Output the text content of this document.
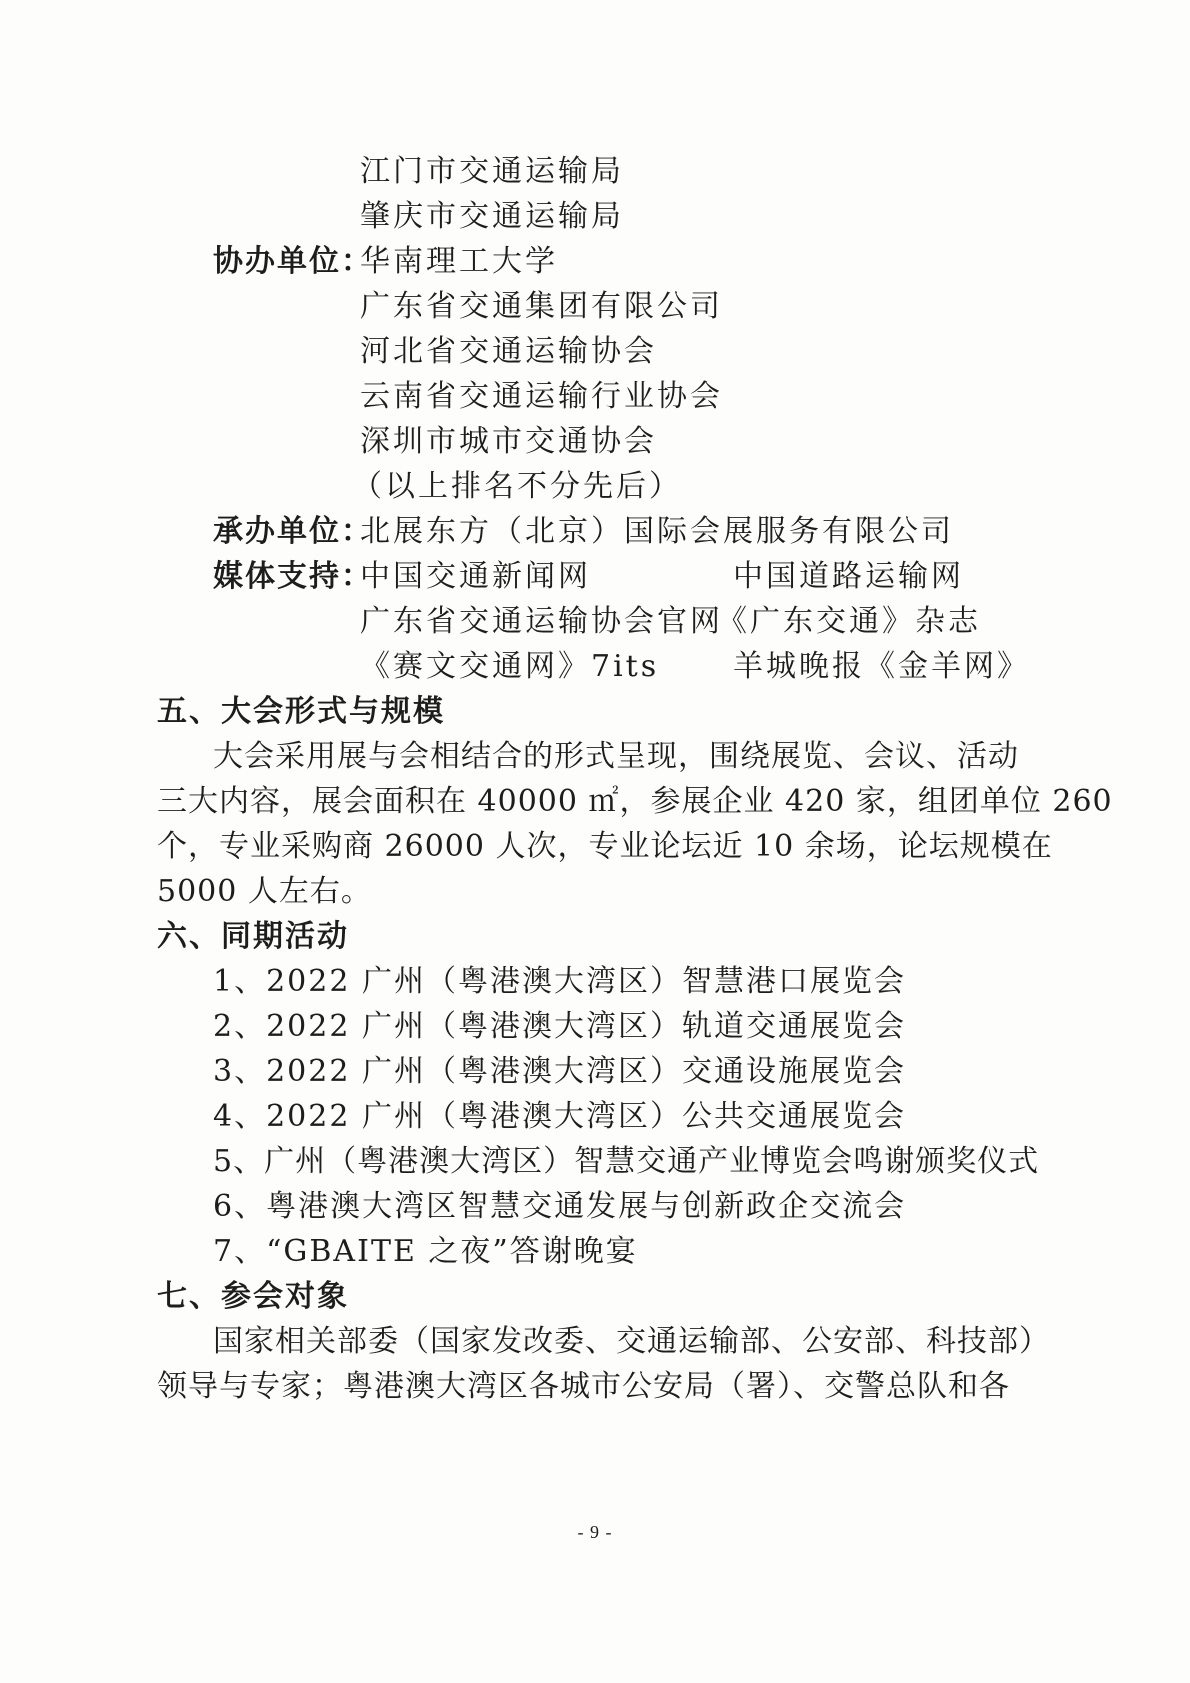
江门市交通运输局
肇庆市交通运输局
协办单位：
华南理工大学
广东省交通集团有限公司
河北省交通运输协会
云南省交通运输行业协会
深圳市城市交通协会
（以上排名不分先后）
承办单位：
北展东方（北京）国际会展服务有限公司
媒体支持：
中国交通新闻网	中国道路运输网
广东省交通运输协会官网
《广东交通》杂志
《赛文交通网》7its 羊城晚报《金羊网》
五、大会形式与规模
大会采用展与会相结合的形式呈现，围绕展览、会议、活动
三大内容，展会面积在 40000 ㎡，参展企业 420 家，组团单位 260
个，专业采购商 26000 人次，专业论坛近 10 余场，论坛规模在
5000 人左右。
六、同期活动
1、2022 广州（粤港澳大湾区）智慧港口展览会
2、2022 广州（粤港澳大湾区）轨道交通展览会
3、2022 广州（粤港澳大湾区）交通设施展览会
4、2022 广州（粤港澳大湾区）公共交通展览会
5、广州（粤港澳大湾区）智慧交通产业博览会鸣谢颁奖仪式
6、粤港澳大湾区智慧交通发展与创新政企交流会
7、“GBAITE 之夜”答谢晚宴
七、参会对象
国家相关部委（国家发改委、交通运输部、公安部、科技部）
领导与专家；粤港澳大湾区各城市公安局（署）、交警总队和各
- 9 -
